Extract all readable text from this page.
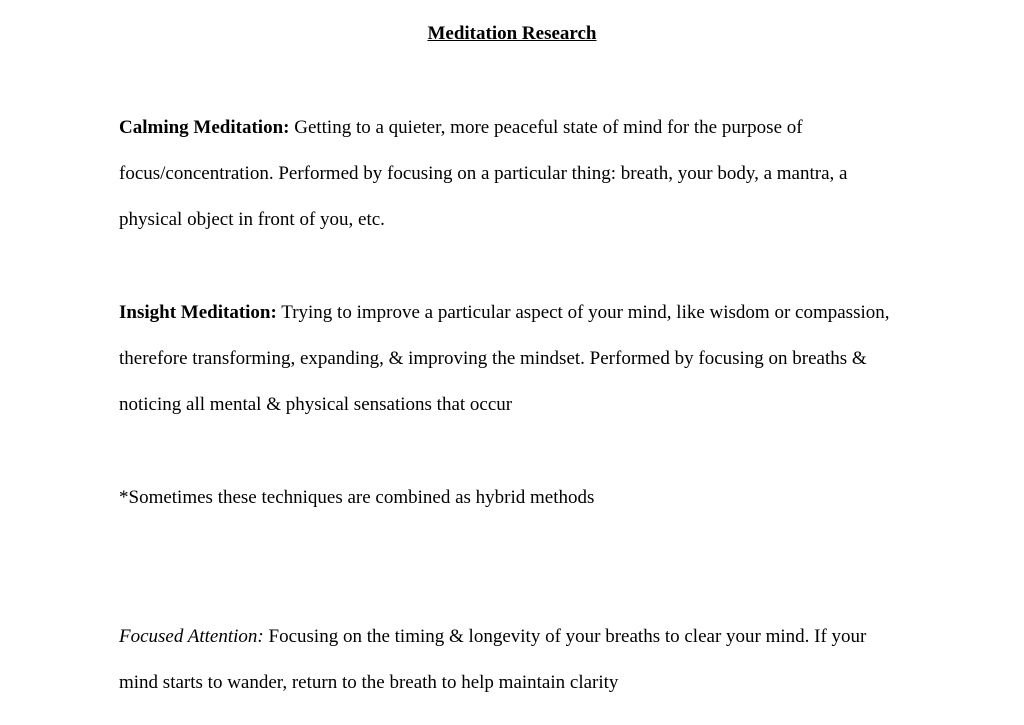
Meditation Research

Calming Meditation: Getting to a quieter, more peaceful state of mind for the purpose of focus/concentration. Performed by focusing on a particular thing: breath, your body, a mantra, a physical object in front of you, etc.

Insight Meditation: Trying to improve a particular aspect of your mind, like wisdom or compassion, therefore transforming, expanding, & improving the mindset. Performed by focusing on breaths & noticing all mental & physical sensations that occur

*Sometimes these techniques are combined as hybrid methods

Focused Attention: Focusing on the timing & longevity of your breaths to clear your mind. If your mind starts to wander, return to the breath to help maintain clarity
